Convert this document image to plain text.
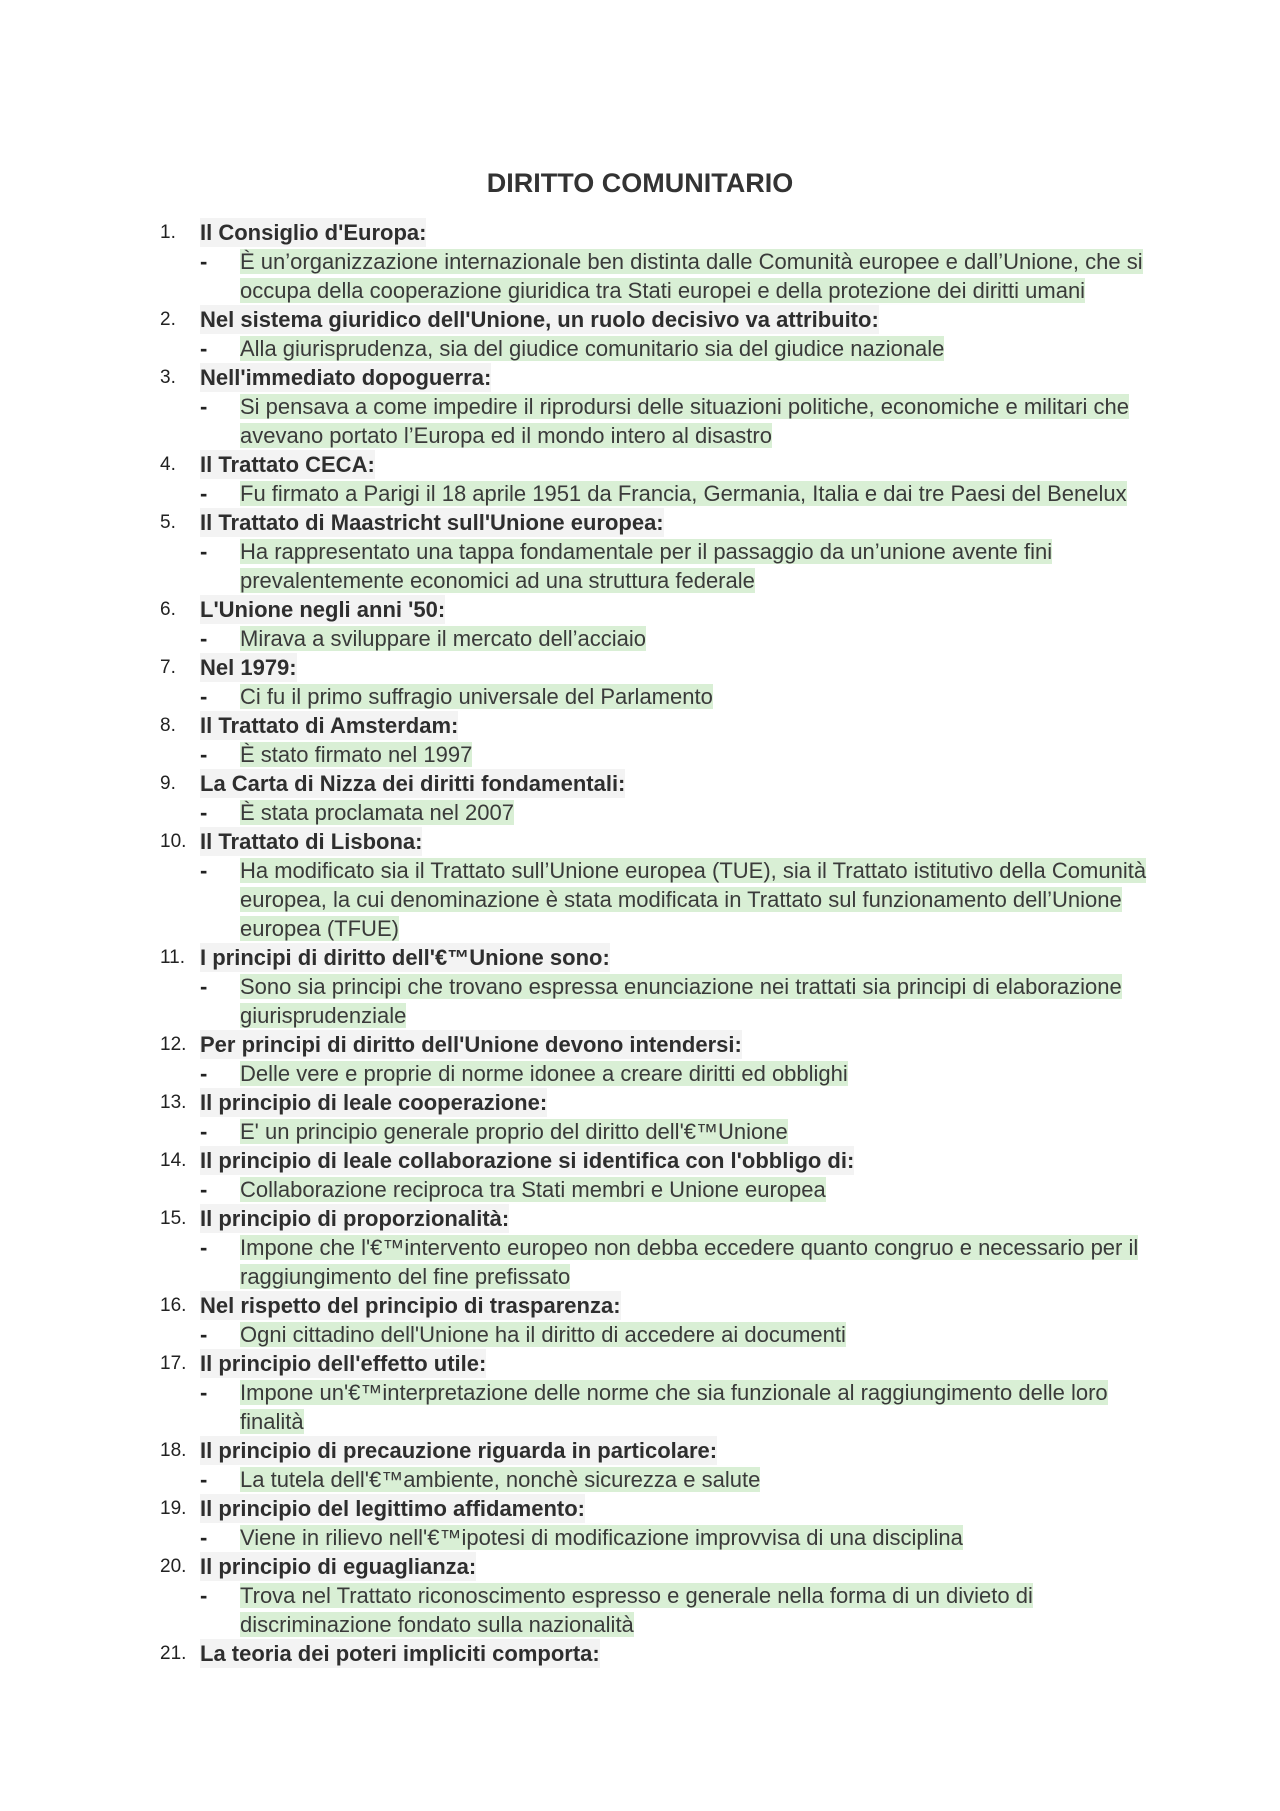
DIRITTO COMUNITARIO
1.	Il Consiglio d'Europa:
- È un’organizzazione internazionale ben distinta dalle Comunità europee e dall’Unione, che si occupa della cooperazione giuridica tra Stati europei e della protezione dei diritti umani
2.	Nel sistema giuridico dell'Unione, un ruolo decisivo va attribuito:
- Alla giurisprudenza, sia del giudice comunitario sia del giudice nazionale
3.	Nell'immediato dopoguerra:
- Si pensava a come impedire il riprodursi delle situazioni politiche, economiche e militari che avevano portato l’Europa ed il mondo intero al disastro
4.	Il Trattato CECA:
- Fu firmato a Parigi il 18 aprile 1951 da Francia, Germania, Italia e dai tre Paesi del Benelux
5.	Il Trattato di Maastricht sull'Unione europea:
- Ha rappresentato una tappa fondamentale per il passaggio da un’unione avente fini prevalentemente economici ad una struttura federale
6.	L'Unione negli anni '50:
- Mirava a sviluppare il mercato dell’acciaio
7.	Nel 1979:
- Ci fu il primo suffragio universale del Parlamento
8.	Il Trattato di Amsterdam:
- È stato firmato nel 1997
9.	La Carta di Nizza dei diritti fondamentali:
- È stata proclamata nel 2007
10. Il Trattato di Lisbona:
- Ha modificato sia il Trattato sull’Unione europea (TUE), sia il Trattato istitutivo della Comunità europea, la cui denominazione è stata modificata in Trattato sul funzionamento dell’Unione europea (TFUE)
11. I principi di diritto dell'€™Unione sono:
- Sono sia principi che trovano espressa enunciazione nei trattati sia principi di elaborazione giurisprudenziale
12. Per principi di diritto dell'Unione devono intendersi:
- Delle vere e proprie di norme idonee a creare diritti ed obblighi
13. Il principio di leale cooperazione:
- E' un principio generale proprio del diritto dell'€™Unione
14. Il principio di leale collaborazione si identifica con l'obbligo di:
- Collaborazione reciproca tra Stati membri e Unione europea
15. Il principio di proporzionalità:
- Impone che l'€™intervento europeo non debba eccedere quanto congruo e necessario per il raggiungimento del fine prefissato
16. Nel rispetto del principio di trasparenza:
- Ogni cittadino dell'Unione ha il diritto di accedere ai documenti
17. Il principio dell'effetto utile:
- Impone un'€™interpretazione delle norme che sia funzionale al raggiungimento delle loro finalità
18. Il principio di precauzione riguarda in particolare:
- La tutela dell'€™ambiente, nonchè sicurezza e salute
19. Il principio del legittimo affidamento:
- Viene in rilievo nell'€™ipotesi di modificazione improvvisa di una disciplina
20. Il principio di eguaglianza:
- Trova nel Trattato riconoscimento espresso e generale nella forma di un divieto di discriminazione fondato sulla nazionalità
21. La teoria dei poteri impliciti comporta:
